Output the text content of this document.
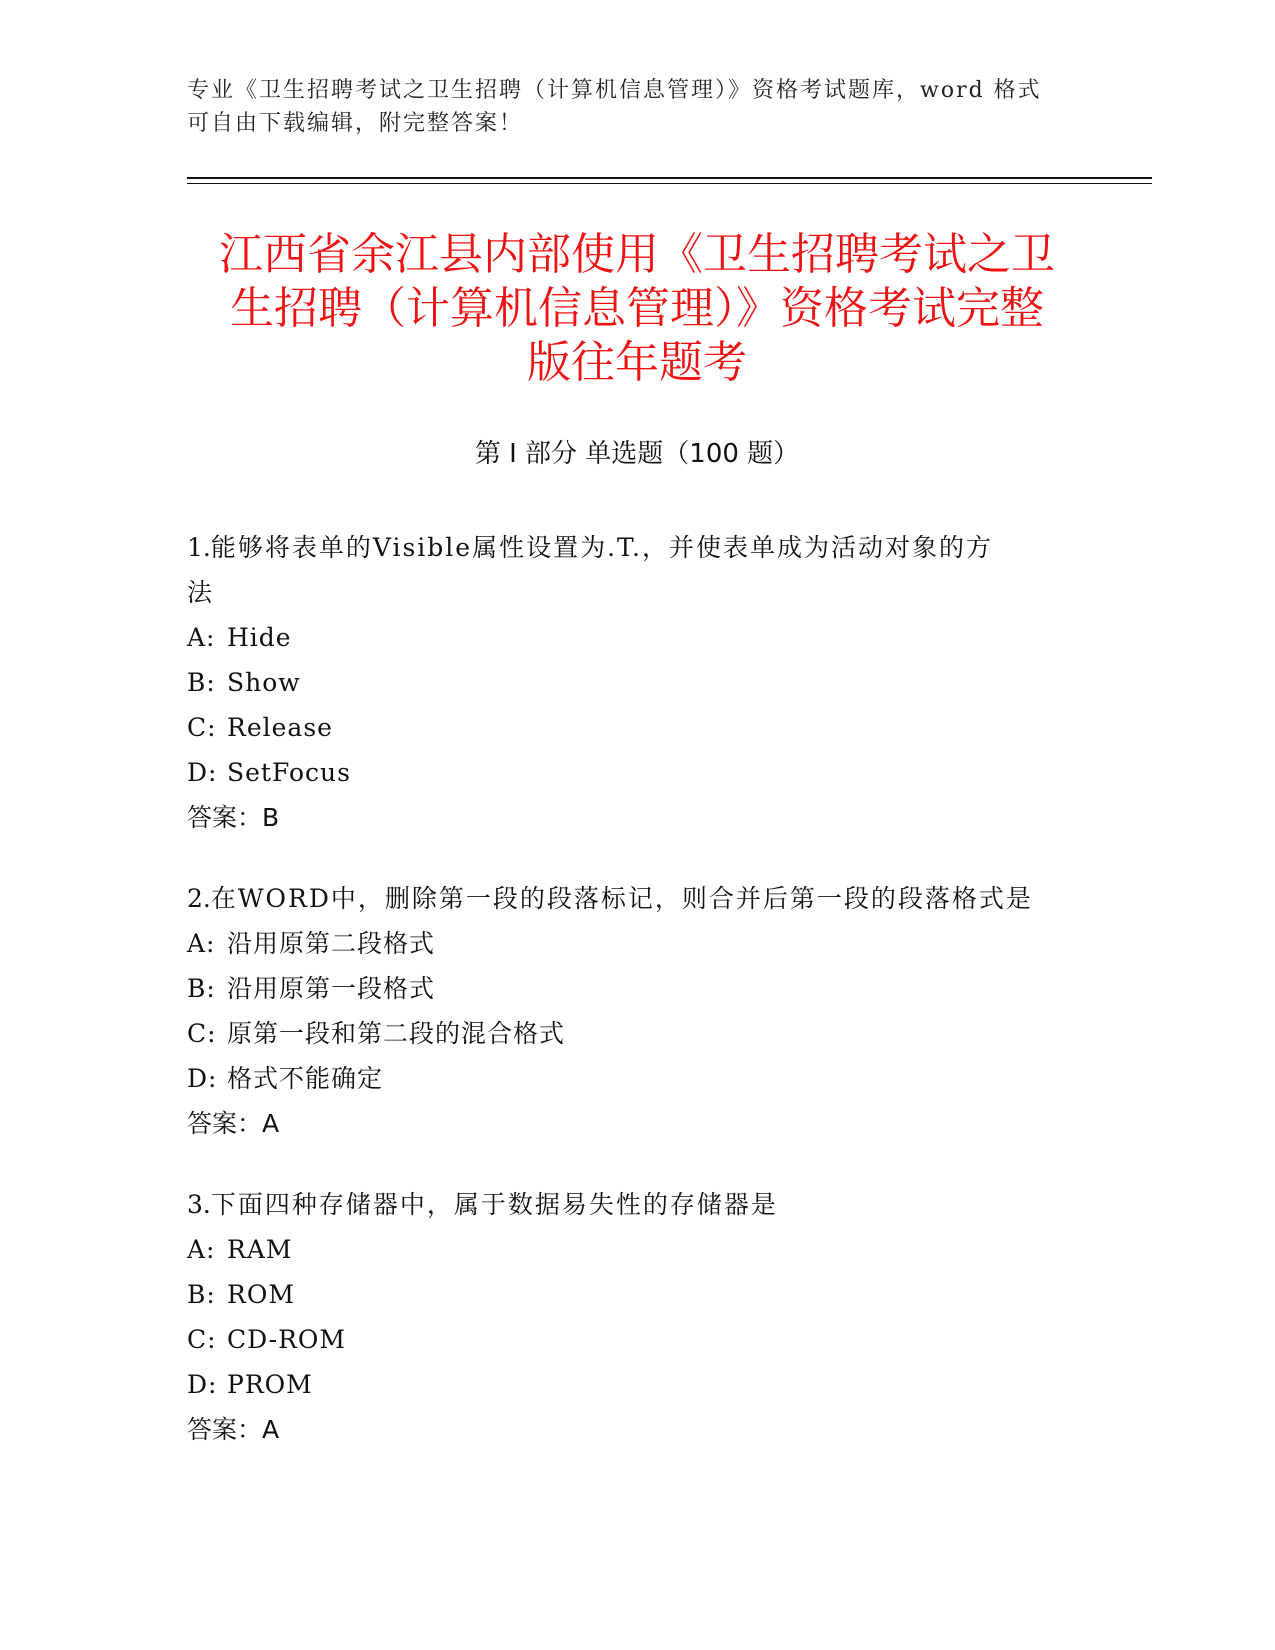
专业《卫生招聘考试之卫生招聘（计算机信息管理）》资格考试题库，word 格式
可自由下载编辑，附完整答案！
江西省余江县内部使用《卫生招聘考试之卫
生招聘（计算机信息管理）》资格考试完整
版往年题考
第 I 部分 单选题（100 题）

1.能够将表单的Visible属性设置为.T.，并使表单成为活动对象的方

法

A: Hide

B: Show

C: Release

D: SetFocus

答案：B

2.在WORD中，删除第一段的段落标记，则合并后第一段的段落格式是

A: 沿用原第二段格式

B: 沿用原第一段格式

C: 原第一段和第二段的混合格式

D: 格式不能确定

答案：A

3.下面四种存储器中，属于数据易失性的存储器是

A: RAM

B: ROM

C: CD-ROM

D: PROM

答案：A
